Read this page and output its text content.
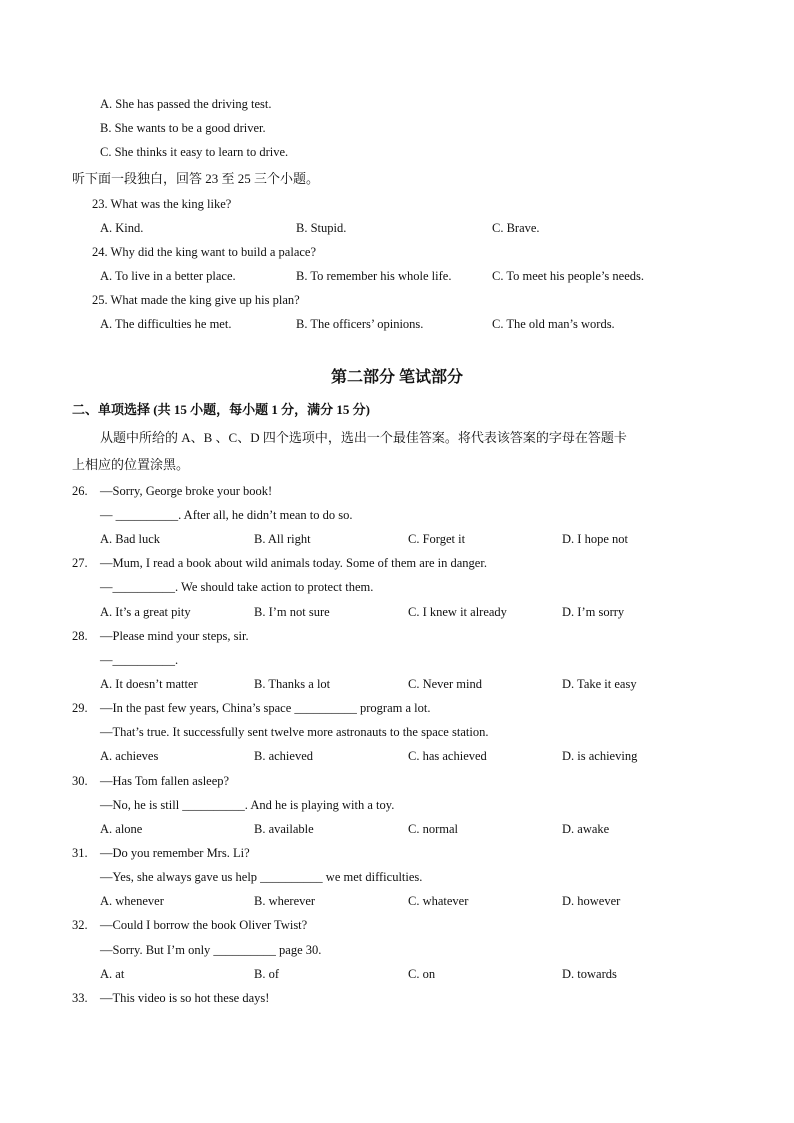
A. She has passed the driving test.
B. She wants to be a good driver.
C. She thinks it easy to learn to drive.
听下面一段独白，回答 23 至 25 三个小题。
23. What was the king like?
A. Kind.	B. Stupid.	C. Brave.
24. Why did the king want to build a palace?
A. To live in a better place.	B. To remember his whole life.	C. To meet his people’s needs.
25. What made the king give up his plan?
A. The difficulties he met.	B. The officers’ opinions.	C. The old man’s words.
第二部分 笔试部分
二、单项选择 (共 15 小题，每小题 1 分，满分 15 分)
从题中所给的 A、B 、C、D 四个选项中，选出一个最佳答案。将代表该答案的字母在答题卡
上相应的位置涂黑。
26. —Sorry, George broke your book!
— __________. After all, he didn’t mean to do so.
A. Bad luck	B. All right	C. Forget it	D. I hope not
27. —Mum, I read a book about wild animals today. Some of them are in danger.
—__________. We should take action to protect them.
A. It’s a great pity	B. I’m not sure	C. I knew it already	D. I’m sorry
28. —Please mind your steps, sir.
—__________.
A. It doesn’t matter	B. Thanks a lot	C. Never mind	D. Take it easy
29. —In the past few years, China’s space __________ program a lot.
—That’s true. It successfully sent twelve more astronauts to the space station.
A. achieves	B. achieved	C. has achieved	D. is achieving
30. —Has Tom fallen asleep?
—No, he is still __________. And he is playing with a toy.
A. alone	B. available	C. normal	D. awake
31. —Do you remember Mrs. Li?
—Yes, she always gave us help __________ we met difficulties.
A. whenever	B. wherever	C. whatever	D. however
32. —Could I borrow the book Oliver Twist?
—Sorry. But I’m only __________ page 30.
A. at	B. of	C. on	D. towards
33. —This video is so hot these days!
